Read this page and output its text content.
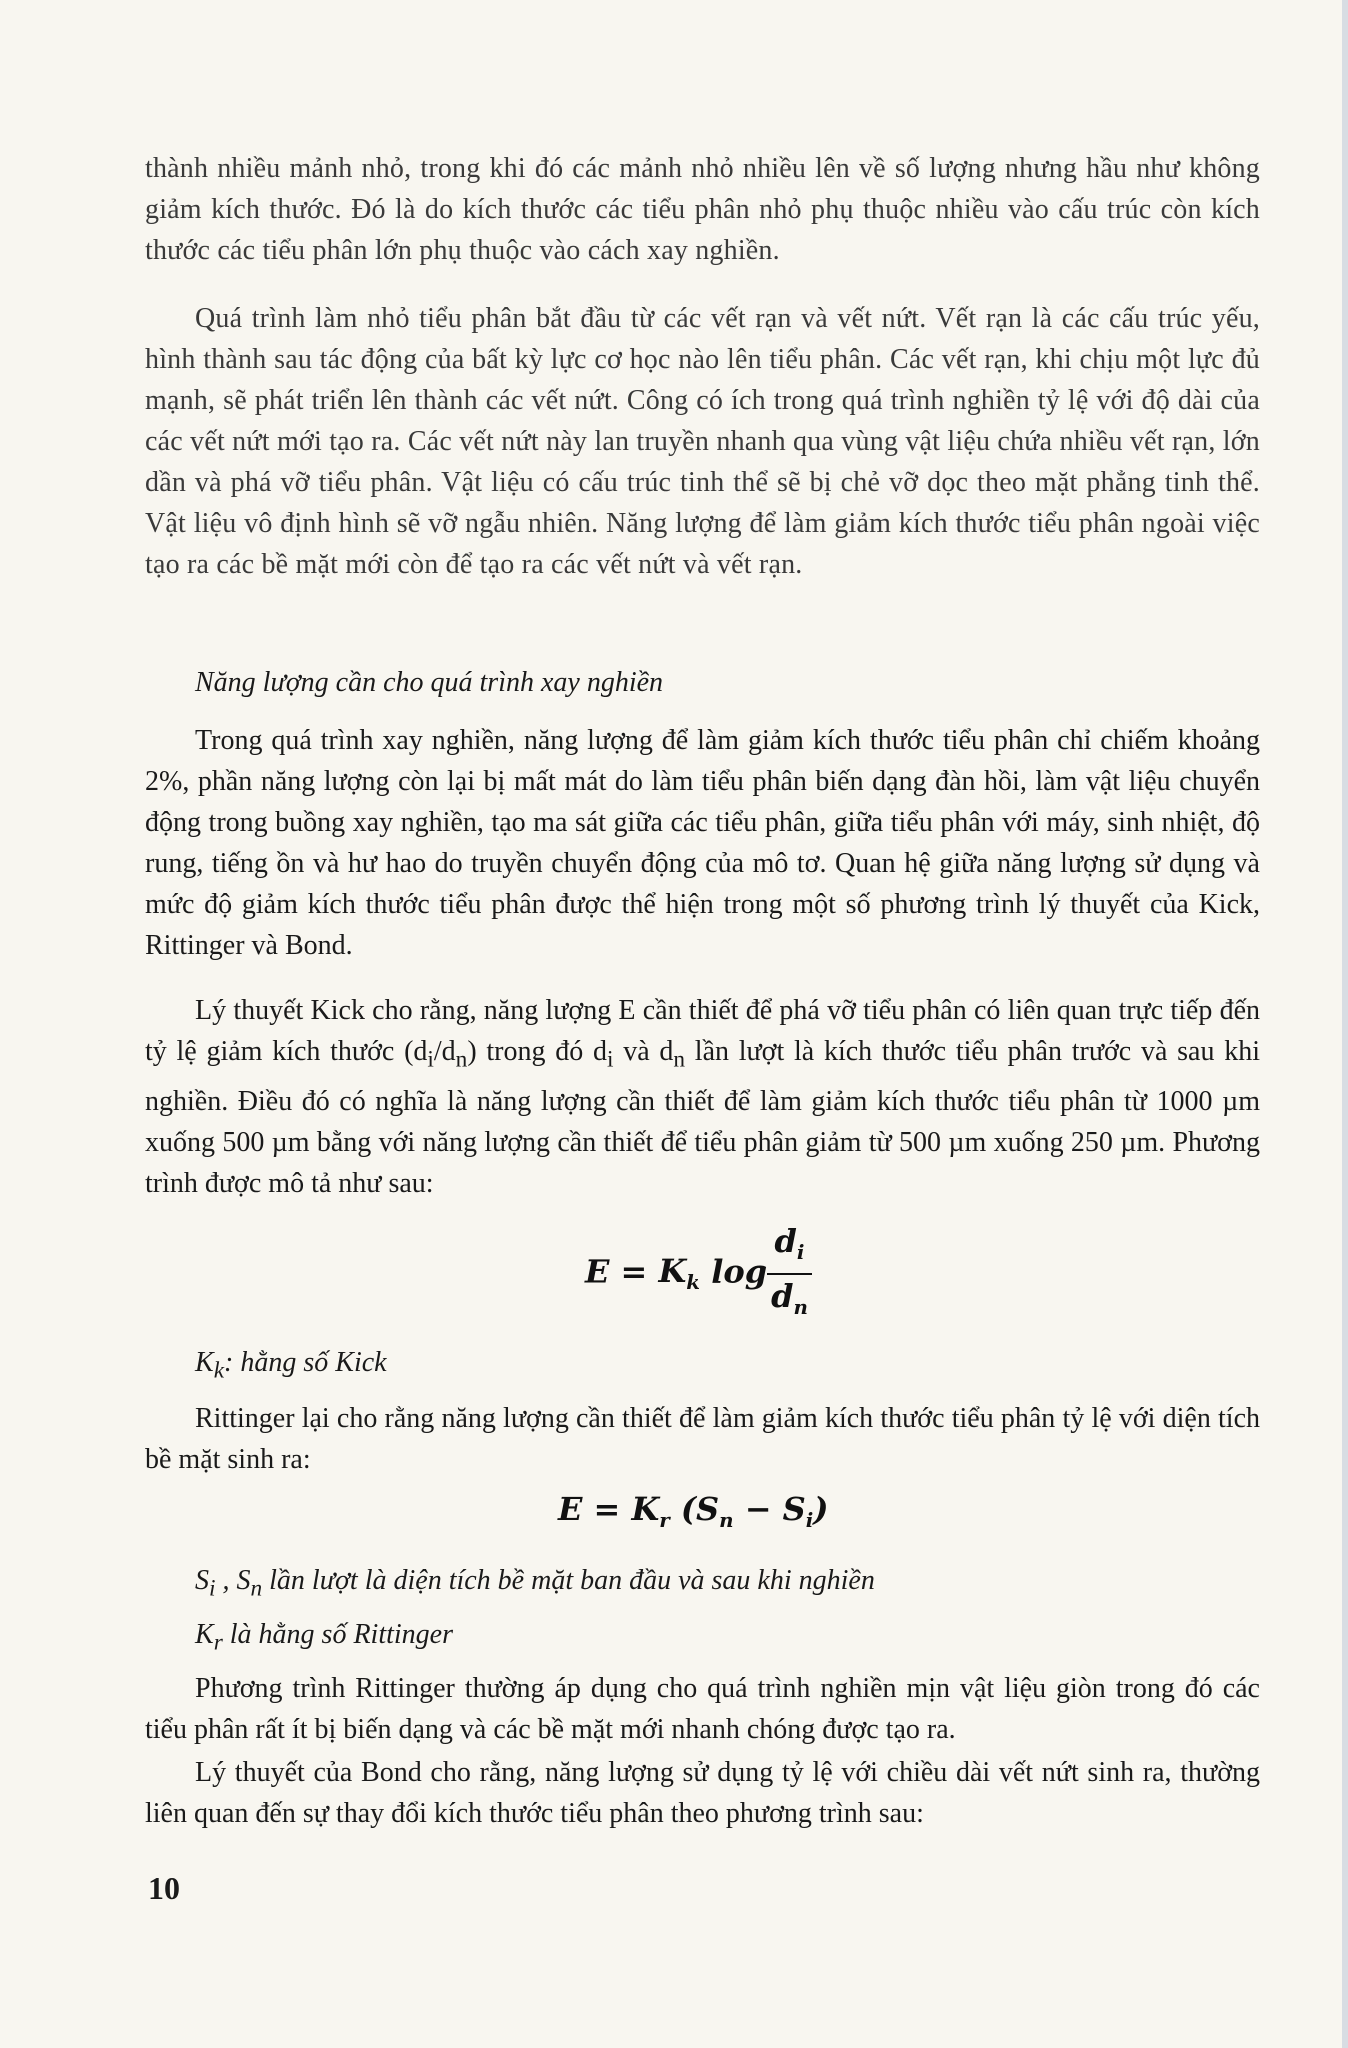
thành nhiều mảnh nhỏ, trong khi đó các mảnh nhỏ nhiều lên về số lượng nhưng hầu như không giảm kích thước. Đó là do kích thước các tiểu phân nhỏ phụ thuộc nhiều vào cấu trúc còn kích thước các tiểu phân lớn phụ thuộc vào cách xay nghiền.

Quá trình làm nhỏ tiểu phân bắt đầu từ các vết rạn và vết nứt. Vết rạn là các cấu trúc yếu, hình thành sau tác động của bất kỳ lực cơ học nào lên tiểu phân. Các vết rạn, khi chịu một lực đủ mạnh, sẽ phát triển lên thành các vết nứt. Công có ích trong quá trình nghiền tỷ lệ với độ dài của các vết nứt mới tạo ra. Các vết nứt này lan truyền nhanh qua vùng vật liệu chứa nhiều vết rạn, lớn dần và phá vỡ tiểu phân. Vật liệu có cấu trúc tinh thể sẽ bị chẻ vỡ dọc theo mặt phẳng tinh thể. Vật liệu vô định hình sẽ vỡ ngẫu nhiên. Năng lượng để làm giảm kích thước tiểu phân ngoài việc tạo ra các bề mặt mới còn để tạo ra các vết nứt và vết rạn.

Năng lượng cần cho quá trình xay nghiền

Trong quá trình xay nghiền, năng lượng để làm giảm kích thước tiểu phân chỉ chiếm khoảng 2%, phần năng lượng còn lại bị mất mát do làm tiểu phân biến dạng đàn hồi, làm vật liệu chuyển động trong buồng xay nghiền, tạo ma sát giữa các tiểu phân, giữa tiểu phân với máy, sinh nhiệt, độ rung, tiếng ồn và hư hao do truyền chuyển động của mô tơ. Quan hệ giữa năng lượng sử dụng và mức độ giảm kích thước tiểu phân được thể hiện trong một số phương trình lý thuyết của Kick, Rittinger và Bond.

Lý thuyết Kick cho rằng, năng lượng E cần thiết để phá vỡ tiểu phân có liên quan trực tiếp đến tỷ lệ giảm kích thước $(d_i/d_n)$ trong đó $d_i$ và $d_n$ lần lượt là kích thước tiểu phân trước và sau khi nghiền. Điều đó có nghĩa là năng lượng cần thiết để làm giảm kích thước tiểu phân từ 1000 µm xuống 500 µm bằng với năng lượng cần thiết để tiểu phân giảm từ 500 µm xuống 250 µm. Phương trình được mô tả như sau:

$E = K_k$ $\log \frac{d_i}{d_n}$

$K_k$: hằng số Kick

Rittinger lại cho rằng năng lượng cần thiết để làm giảm kích thước tiểu phân tỷ lệ với diện tích bề mặt sinh ra:

$E = K_r$ $(S_n - S_i)$

$S_i$ , $S_n$ lần lượt là diện tích bề mặt ban đầu và sau khi nghiền

$K_r$ là hằng số Rittinger

Phương trình Rittinger thường áp dụng cho quá trình nghiền mịn vật liệu giòn trong đó các tiểu phân rất ít bị biến dạng và các bề mặt mới nhanh chóng được tạo ra.

Lý thuyết của Bond cho rằng, năng lượng sử dụng tỷ lệ với chiều dài vết nứt sinh ra, thường liên quan đến sự thay đổi kích thước tiểu phân theo phương trình sau:

10
